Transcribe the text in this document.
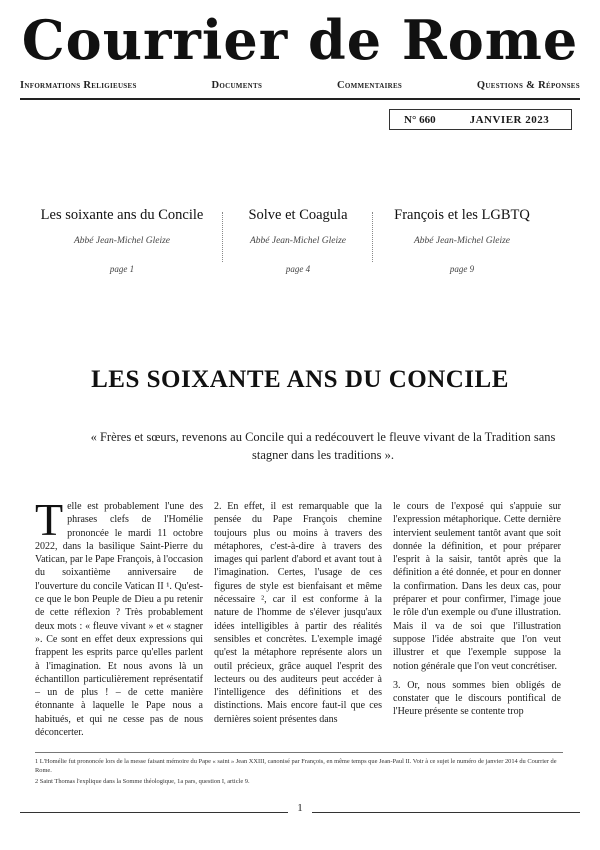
Courrier de Rome
Informations Religieuses	Documents	Commentaires	Questions & Réponses
N° 660	JANVIER 2023
Les soixante ans du Concile
Abbé Jean-Michel Gleize
page 1
Solve et Coagula
Abbé Jean-Michel Gleize
page 4
François et les LGBTQ
Abbé Jean-Michel Gleize
page 9
LES SOIXANTE ANS DU CONCILE
« Frères et sœurs, revenons au Concile qui a redécouvert le fleuve vivant de la Tradition sans stagner dans les traditions ».

Telle est probablement l'une des phrases clefs de l'Homélie prononcée le mardi 11 octobre 2022, dans la basilique Saint-Pierre du Vatican, par le Pape François, à l'occasion du soixantième anniversaire de l'ouverture du concile Vatican II ¹. Qu'est-ce que le bon Peuple de Dieu a pu retenir de cette réflexion ? Très probablement deux mots : « fleuve vivant » et « stagner ». Ce sont en effet deux expressions qui frappent les esprits parce qu'elles parlent à l'imagination. Et nous avons là un échantillon particulièrement représentatif – un de plus ! – de cette manière étonnante à laquelle le Pape nous a habitués, et qui ne cesse pas de nous déconcerter.

2. En effet, il est remarquable que la pensée du Pape François chemine toujours plus ou moins à travers des métaphores, c'est-à-dire à travers des images qui parlent d'abord et avant tout à l'imagination. Certes, l'usage de ces figures de style est bienfaisant et même nécessaire ², car il est conforme à la nature de l'homme de s'élever jusqu'aux idées intelligibles à partir des réalités sensibles et concrètes. L'exemple imagé qu'est la métaphore représente alors un outil précieux, grâce auquel l'esprit des lecteurs ou des auditeurs peut accéder à l'intelligence des définitions et des distinctions. Mais encore faut-il que ces dernières soient présentes dans

le cours de l'exposé qui s'appuie sur l'expression métaphorique. Cette dernière intervient seulement tantôt avant que soit donnée la définition, et pour préparer l'esprit à la saisir, tantôt après que la définition a été donnée, et pour en donner la confirmation. Dans les deux cas, pour préparer et pour confirmer, l'image joue le rôle d'un exemple ou d'une illustration. Mais il va de soi que l'illustration suppose l'idée abstraite que l'on veut illustrer et que l'exemple suppose la notion générale que l'on veut concrétiser.

3. Or, nous sommes bien obligés de constater que le discours pontifical de l'Heure présente se contente trop

1 L'Homélie fut prononcée lors de la messe faisant mémoire du Pape « saint » Jean XXIII, canonisé par François, en même temps que Jean-Paul II. Voir à ce sujet le numéro de janvier 2014 du Courrier de Rome.
2 Saint Thomas l'explique dans la Somme théologique, 1a pars, question I, article 9.
1
